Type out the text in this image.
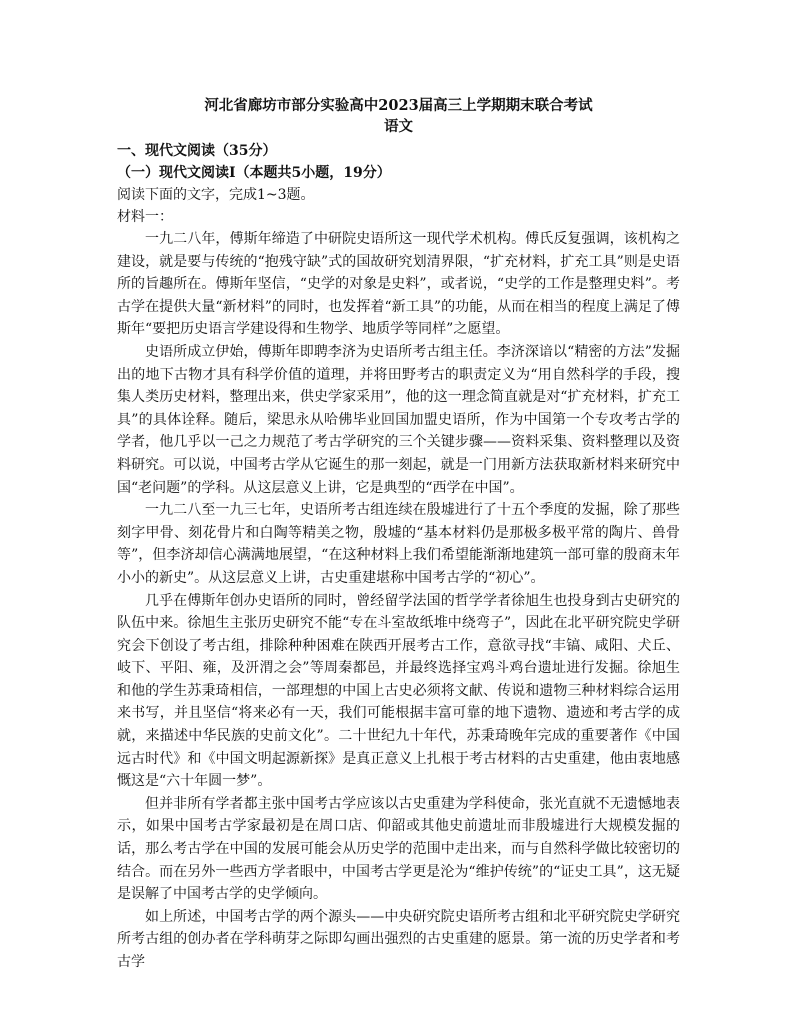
河北省廊坊市部分实验高中2023届高三上学期期末联合考试
语文

一、现代文阅读（35分）

（一）现代文阅读Ⅰ（本题共5小题，19分）

阅读下面的文字，完成1~3题。

材料一：

一九二八年，傅斯年缔造了中研院史语所这一现代学术机构。傅氏反复强调，该机构之建设，就是要与传统的“抱残守缺”式的国故研究划清界限，“扩充材料，扩充工具”则是史语所的旨趣所在。傅斯年坚信，“史学的对象是史料”，或者说，“史学的工作是整理史料”。考古学在提供大量“新材料”的同时，也发挥着“新工具”的功能，从而在相当的程度上满足了傅斯年“要把历史语言学建设得和生物学、地质学等同样”之愿望。

史语所成立伊始，傅斯年即聘李济为史语所考古组主任。李济深谙以“精密的方法”发掘出的地下古物才具有科学价值的道理，并将田野考古的职责定义为“用自然科学的手段，搜集人类历史材料，整理出来，供史学家采用”，他的这一理念简直就是对“扩充材料，扩充工具”的具体诠释。随后，梁思永从哈佛毕业回国加盟史语所，作为中国第一个专攻考古学的学者，他几乎以一己之力规范了考古学研究的三个关键步骤——资料采集、资料整理以及资料研究。可以说，中国考古学从它诞生的那一刻起，就是一门用新方法获取新材料来研究中国“老问题”的学科。从这层意义上讲，它是典型的“西学在中国”。

一九二八至一九三七年，史语所考古组连续在殷墟进行了十五个季度的发掘，除了那些刻字甲骨、刻花骨片和白陶等精美之物，殷墟的“基本材料仍是那极多极平常的陶片、兽骨等”，但李济却信心满满地展望，“在这种材料上我们希望能渐渐地建筑一部可靠的殷商末年小小的新史”。从这层意义上讲，古史重建堪称中国考古学的“初心”。

几乎在傅斯年创办史语所的同时，曾经留学法国的哲学学者徐旭生也投身到古史研究的队伍中来。徐旭生主张历史研究不能“专在斗室故纸堆中绕弯子”，因此在北平研究院史学研究会下创设了考古组，排除种种困难在陕西开展考古工作，意欲寻找“丰镐、咸阳、犬丘、岐下、平阳、雍，及汧渭之会”等周秦都邑，并最终选择宝鸡斗鸡台遗址进行发掘。徐旭生和他的学生苏秉琦相信，一部理想的中国上古史必须将文献、传说和遗物三种材料综合运用来书写，并且坚信“将来必有一天，我们可能根据丰富可靠的地下遗物、遗迹和考古学的成就，来描述中华民族的史前文化”。二十世纪九十年代，苏秉琦晚年完成的重要著作《中国远古时代》和《中国文明起源新探》是真正意义上扎根于考古材料的古史重建，他由衷地感慨这是“六十年圆一梦”。

但并非所有学者都主张中国考古学应该以古史重建为学科使命，张光直就不无遗憾地表示，如果中国考古学家最初是在周口店、仰韶或其他史前遗址而非殷墟进行大规模发掘的话，那么考古学在中国的发展可能会从历史学的范围中走出来，而与自然科学做比较密切的结合。而在另外一些西方学者眼中，中国考古学更是沦为“维护传统”的“证史工具”，这无疑是误解了中国考古学的史学倾向。

如上所述，中国考古学的两个源头——中央研究院史语所考古组和北平研究院史学研究所考古组的创办者在学科萌芽之际即勾画出强烈的古史重建的愿景。第一流的历史学者和考古学
